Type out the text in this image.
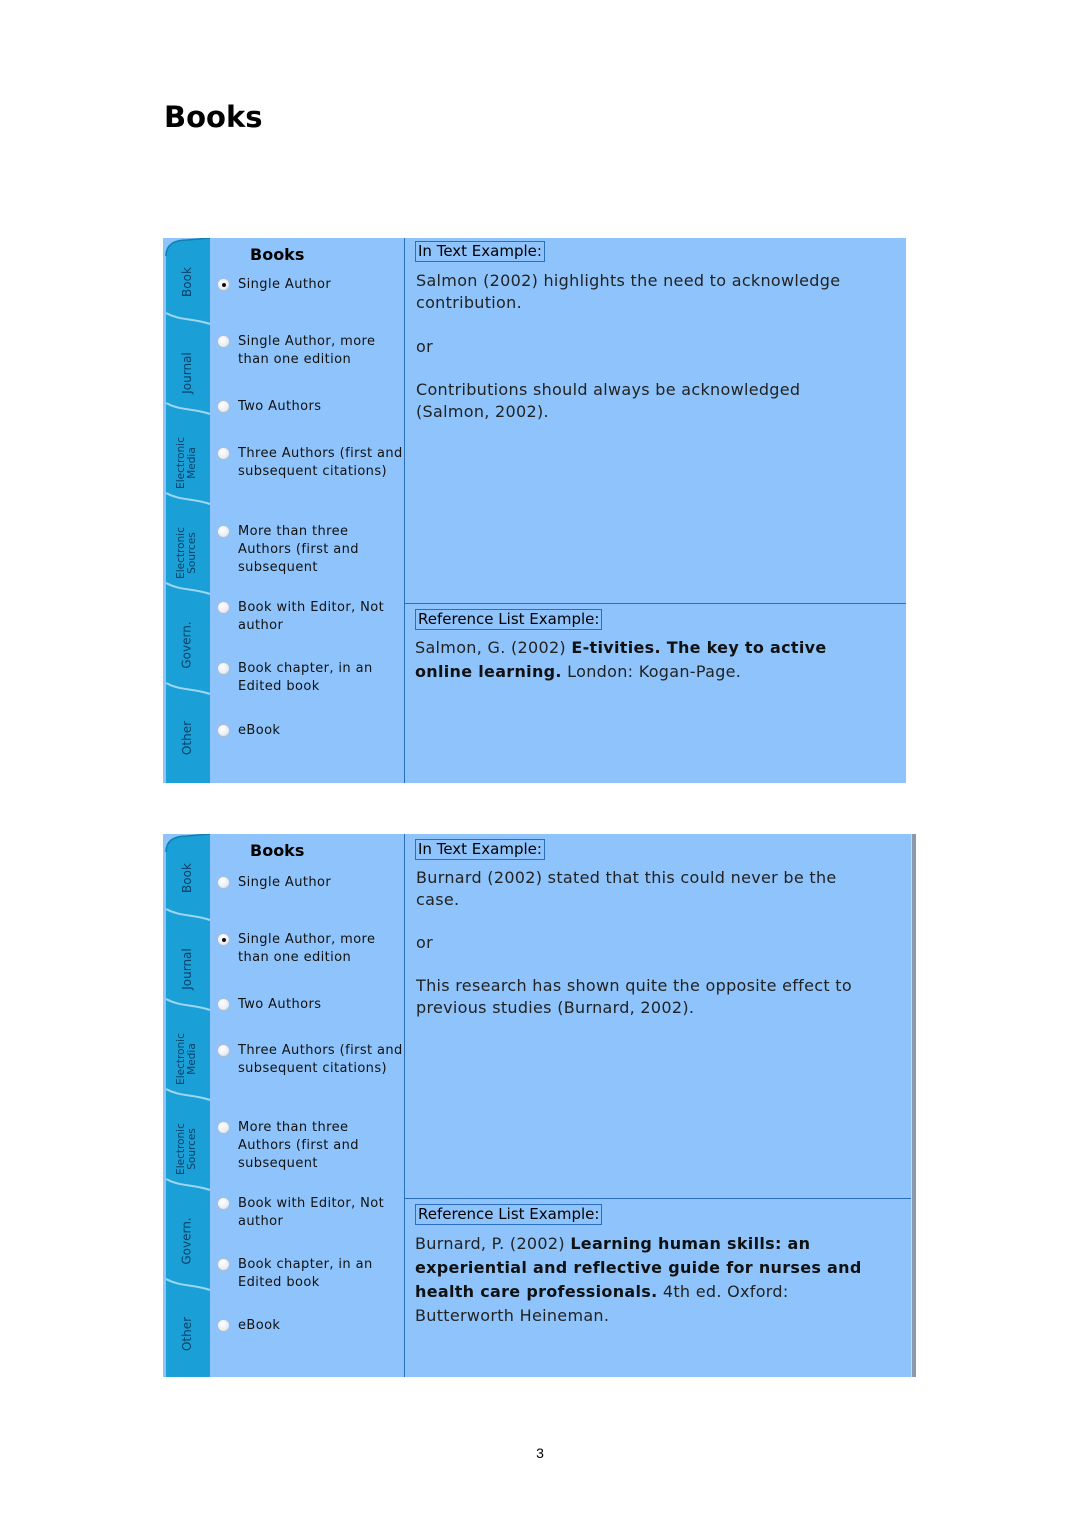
Books
Book
Journal
Electronic Media
Electronic Sources
Govern.
Other
Books
Single Author
Single Author, more than one edition
Two Authors
Three Authors (first and subsequent citations)
More than three Authors (first and subsequent
Book with Editor, Not author
Book chapter, in an Edited book
eBook
In Text Example:

Salmon (2002) highlights the need to acknowledge contribution.

or

Contributions should always be acknowledged (Salmon, 2002).

Reference List Example:

Salmon, G. (2002) E-tivities. The key to active online learning. London: Kogan-Page.

Book
Journal
Electronic Media
Electronic Sources
Govern.
Other
Books
Single Author
Single Author, more than one edition
Two Authors
Three Authors (first and subsequent citations)
More than three Authors (first and subsequent
Book with Editor, Not author
Book chapter, in an Edited book
eBook
In Text Example:

Burnard (2002) stated that this could never be the case.

or

This research has shown quite the opposite effect to previous studies (Burnard, 2002).

Reference List Example:

Burnard, P. (2002) Learning human skills: an experiential and reflective guide for nurses and health care professionals. 4th ed. Oxford: Butterworth Heineman.

3
